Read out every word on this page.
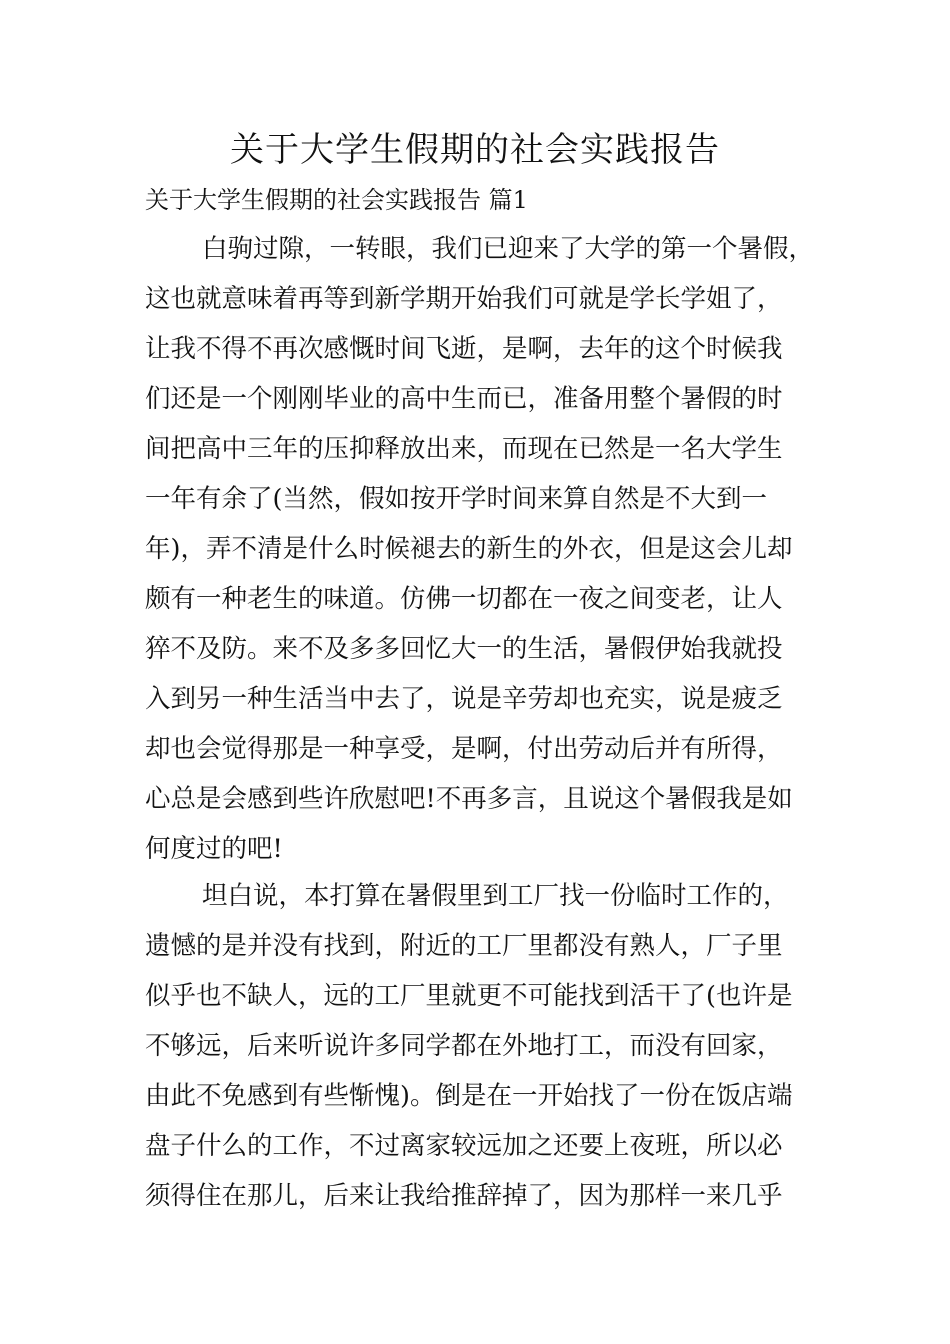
关于大学生假期的社会实践报告
关于大学生假期的社会实践报告 篇1
白驹过隙，一转眼，我们已迎来了大学的第一个暑假，
这也就意味着再等到新学期开始我们可就是学长学姐了，
让我不得不再次感慨时间飞逝，是啊，去年的这个时候我
们还是一个刚刚毕业的高中生而已，准备用整个暑假的时
间把高中三年的压抑释放出来，而现在已然是一名大学生
一年有余了(当然，假如按开学时间来算自然是不大到一
年)，弄不清是什么时候褪去的新生的外衣，但是这会儿却
颇有一种老生的味道。仿佛一切都在一夜之间变老，让人
猝不及防。来不及多多回忆大一的生活，暑假伊始我就投
入到另一种生活当中去了，说是辛劳却也充实，说是疲乏
却也会觉得那是一种享受，是啊，付出劳动后并有所得，
心总是会感到些许欣慰吧!不再多言，且说这个暑假我是如
何度过的吧!
坦白说，本打算在暑假里到工厂找一份临时工作的，
遗憾的是并没有找到，附近的工厂里都没有熟人，厂子里
似乎也不缺人，远的工厂里就更不可能找到活干了(也许是
不够远，后来听说许多同学都在外地打工，而没有回家，
由此不免感到有些惭愧)。倒是在一开始找了一份在饭店端
盘子什么的工作，不过离家较远加之还要上夜班，所以必
须得住在那儿，后来让我给推辞掉了，因为那样一来几乎
